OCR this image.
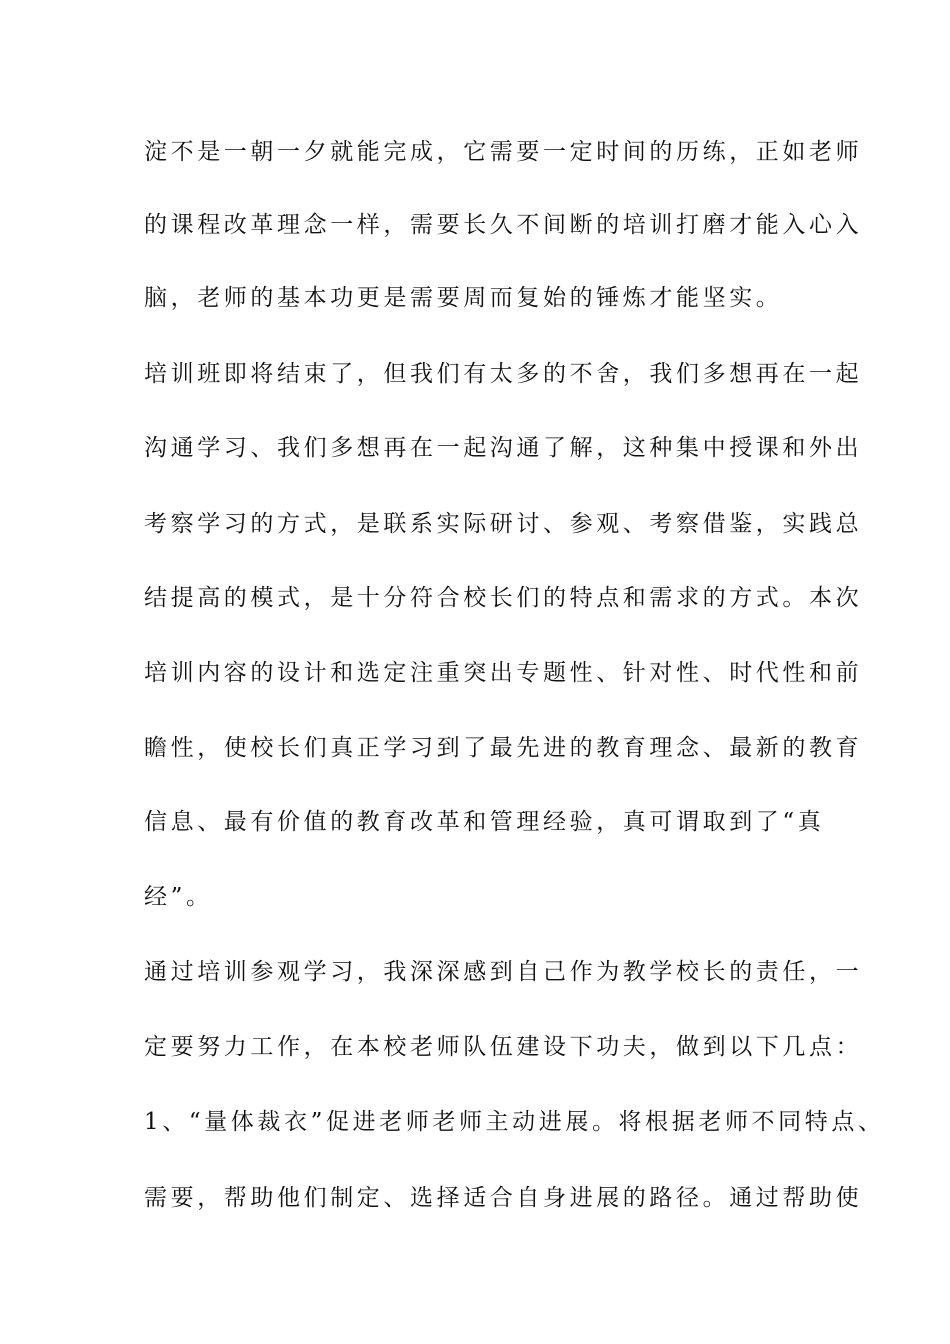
淀不是一朝一夕就能完成，它需要一定时间的历练，正如老师
的课程改革理念一样，需要长久不间断的培训打磨才能入心入
脑，老师的基本功更是需要周而复始的锤炼才能坚实。
培训班即将结束了，但我们有太多的不舍，我们多想再在一起
沟通学习、我们多想再在一起沟通了解，这种集中授课和外出
考察学习的方式，是联系实际研讨、参观、考察借鉴，实践总
结提高的模式，是十分符合校长们的特点和需求的方式。本次
培训内容的设计和选定注重突出专题性、针对性、时代性和前
瞻性，使校长们真正学习到了最先进的教育理念、最新的教育
信息、最有价值的教育改革和管理经验，真可谓取到了“真
经”。
通过培训参观学习，我深深感到自己作为教学校长的责任，一
定要努力工作，在本校老师队伍建设下功夫，做到以下几点：
1、“量体裁衣”促进老师老师主动进展。将根据老师不同特点、
需要，帮助他们制定、选择适合自身进展的路径。通过帮助使
